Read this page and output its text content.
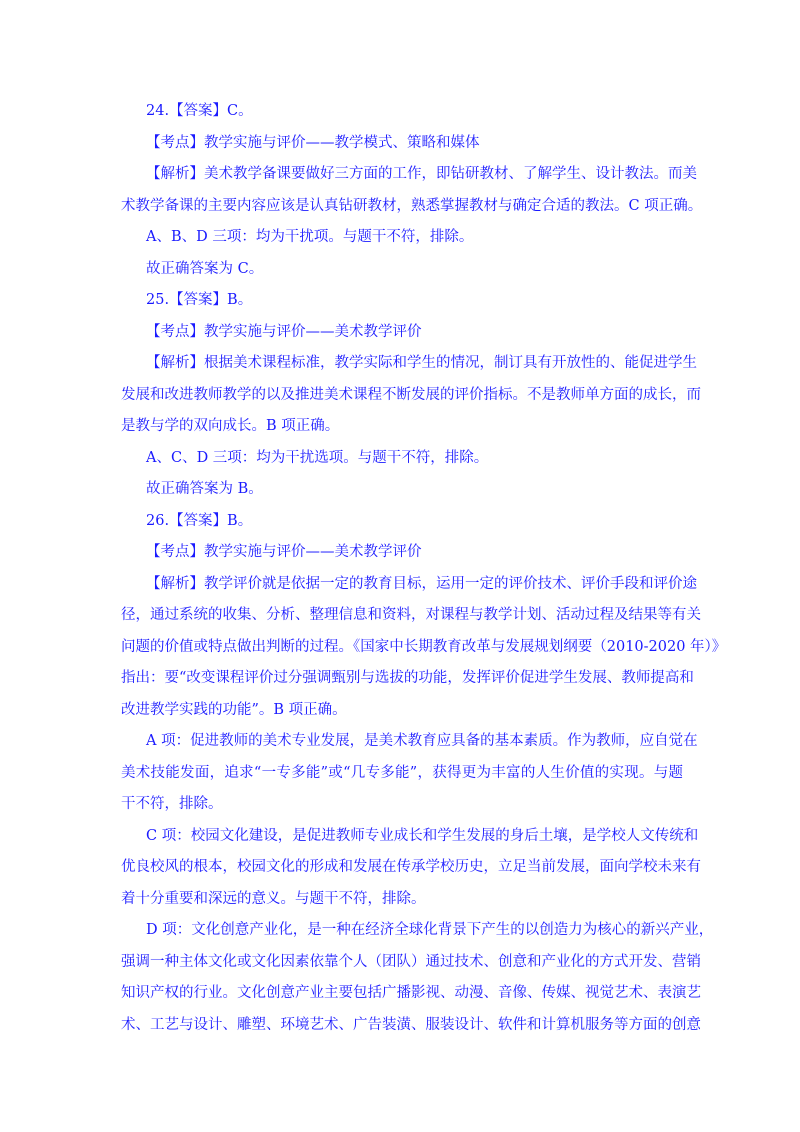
24.【答案】C。
【考点】教学实施与评价——教学模式、策略和媒体
【解析】美术教学备课要做好三方面的工作，即钻研教材、了解学生、设计教法。而美
术教学备课的主要内容应该是认真钻研教材，熟悉掌握教材与确定合适的教法。C 项正确。
A、B、D 三项：均为干扰项。与题干不符，排除。
故正确答案为 C。
25.【答案】B。
【考点】教学实施与评价——美术教学评价
【解析】根据美术课程标准，教学实际和学生的情况，制订具有开放性的、能促进学生
发展和改进教师教学的以及推进美术课程不断发展的评价指标。不是教师单方面的成长，而
是教与学的双向成长。B 项正确。
A、C、D 三项：均为干扰选项。与题干不符，排除。
故正确答案为 B。
26.【答案】B。
【考点】教学实施与评价——美术教学评价
【解析】教学评价就是依据一定的教育目标，运用一定的评价技术、评价手段和评价途
径，通过系统的收集、分析、整理信息和资料，对课程与教学计划、活动过程及结果等有关
问题的价值或特点做出判断的过程。《国家中长期教育改革与发展规划纲要（2010-2020 年）》
指出：要“改变课程评价过分强调甄别与选拔的功能，发挥评价促进学生发展、教师提高和
改进教学实践的功能”。B 项正确。
A 项：促进教师的美术专业发展，是美术教育应具备的基本素质。作为教师，应自觉在
美术技能发面，追求“一专多能”或“几专多能”，获得更为丰富的人生价值的实现。与题
干不符，排除。
C 项：校园文化建设，是促进教师专业成长和学生发展的身后土壤，是学校人文传统和
优良校风的根本，校园文化的形成和发展在传承学校历史，立足当前发展，面向学校未来有
着十分重要和深远的意义。与题干不符，排除。
D 项：文化创意产业化，是一种在经济全球化背景下产生的以创造力为核心的新兴产业，
强调一种主体文化或文化因素依靠个人（团队）通过技术、创意和产业化的方式开发、营销
知识产权的行业。文化创意产业主要包括广播影视、动漫、音像、传媒、视觉艺术、表演艺
术、工艺与设计、雕塑、环境艺术、广告装潢、服装设计、软件和计算机服务等方面的创意
